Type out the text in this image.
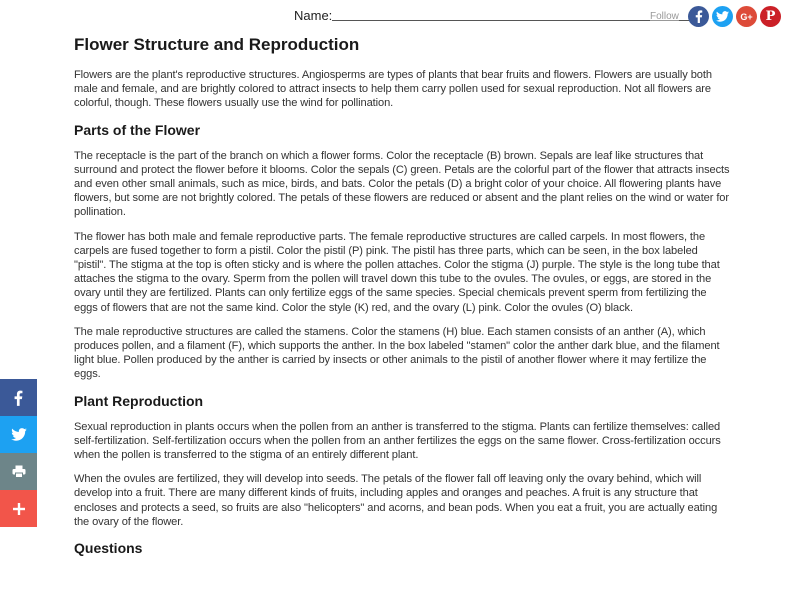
Name:	Follow	G+ P
Flower Structure and Reproduction

Flowers are the plant's reproductive structures. Angiosperms are types of plants that bear fruits and flowers. Flowers are usually both male and female, and are brightly colored to attract insects to help them carry pollen used for sexual reproduction. Not all flowers are colorful, though. These flowers usually use the wind for pollination.

Parts of the Flower

The receptacle is the part of the branch on which a flower forms. Color the receptacle (B) brown. Sepals are leaf like structures that surround and protect the flower before it blooms. Color the sepals (C) green. Petals are the colorful part of the flower that attracts insects and even other small animals, such as mice, birds, and bats. Color the petals (D) a bright color of your choice. All flowering plants have flowers, but some are not brightly colored. The petals of these flowers are reduced or absent and the plant relies on the wind or water for pollination.

The flower has both male and female reproductive parts. The female reproductive structures are called carpels. In most flowers, the carpels are fused together to form a pistil. Color the pistil (P) pink. The pistil has three parts, which can be seen, in the box labeled "pistil". The stigma at the top is often sticky and is where the pollen attaches. Color the stigma (J) purple. The style is the long tube that attaches the stigma to the ovary. Sperm from the pollen will travel down this tube to the ovules. The ovules, or eggs, are stored in the ovary until they are fertilized. Plants can only fertilize eggs of the same species. Special chemicals prevent sperm from fertilizing the eggs of flowers that are not the same kind. Color the style (K) red, and the ovary (L) pink. Color the ovules (O) black.

The male reproductive structures are called the stamens. Color the stamens (H) blue. Each stamen consists of an anther (A), which produces pollen, and a filament (F), which supports the anther. In the box labeled "stamen" color the anther dark blue, and the filament light blue. Pollen produced by the anther is carried by insects or other animals to the pistil of another flower where it may fertilize the eggs.

Plant Reproduction

Sexual reproduction in plants occurs when the pollen from an anther is transferred to the stigma. Plants can fertilize themselves: called self-fertilization. Self-fertilization occurs when the pollen from an anther fertilizes the eggs on the same flower. Cross-fertilization occurs when the pollen is transferred to the stigma of an entirely different plant.

When the ovules are fertilized, they will develop into seeds. The petals of the flower fall off leaving only the ovary behind, which will develop into a fruit. There are many different kinds of fruits, including apples and oranges and peaches. A fruit is any structure that encloses and protects a seed, so fruits are also "helicopters" and acorns, and bean pods. When you eat a fruit, you are actually eating the ovary of the flower.

Questions
